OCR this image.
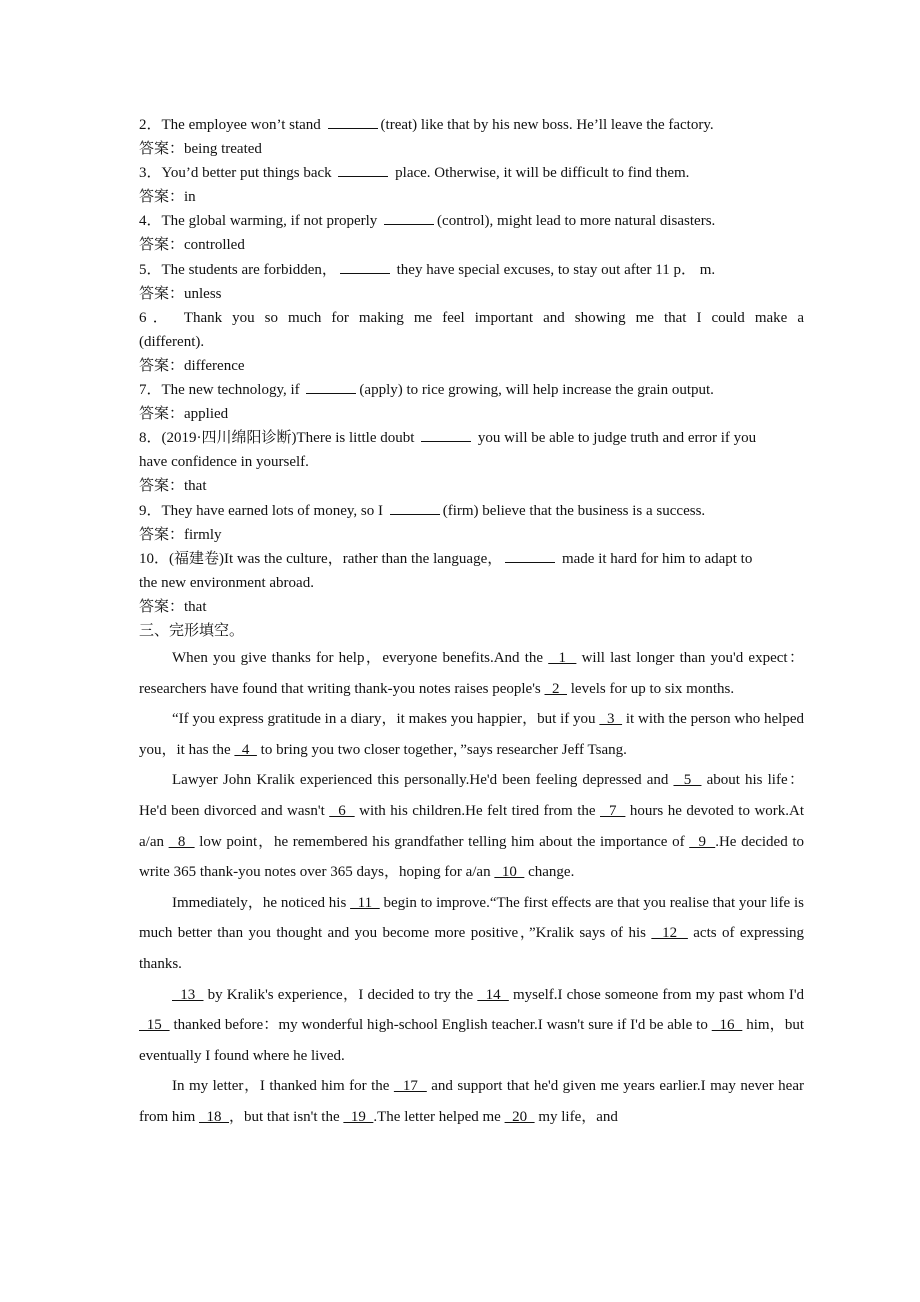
2．The employee won’t stand	(treat) like that by his new boss. He’ll leave the factory.
答案：being treated
3．You’d better put things back	place. Otherwise, it will be difficult to find them.
答案：in
4．The global warming, if not properly	(control), might lead to more natural disasters.
答案：controlled
5．The students are forbidden，	they have special excuses, to stay out after 11 p． m.
答案：unless
6． Thank you so much for making me feel important and showing me that I could make a
(different).
答案：difference
7．The new technology, if	(apply) to rice growing, will help increase the grain output.
答案：applied
8．(2019·四川绵阳诊断)There is little doubt	you will be able to judge truth and error if you
have confidence in yourself.
答案：that
9．They have earned lots of money, so I	(firm) believe that the business is a success.
答案：firmly
10．(福建卷)It was the culture，rather than the language，	made it hard for him to adapt to
the new environment abroad.
答案：that
三、完形填空。
When you give thanks for help，everyone benefits.And the   1   will last longer than you'd expect：researchers have found that writing thank-you notes raises people's   2   levels for up to six months.
“If you express gratitude in a diary，it makes you happier，but if you   3   it with the person who helped you，it has the   4   to bring you two closer together，”says researcher Jeff Tsang.
Lawyer John Kralik experienced this personally.He'd been feeling depressed and   5   about his life：He'd been divorced and wasn't   6   with his children.He felt tired from the   7   hours he devoted to work.At a/an   8   low point，he remembered his grandfather telling him about the importance of   9  .He decided to write 365 thank-you notes over 365 days，hoping for a/an   10   change.
Immediately，he noticed his   11   begin to improve.“The first effects are that you realise that your life is much better than you thought and you become more positive，”Kralik says of his   12   acts of expressing thanks.
13   by Kralik's experience，I decided to try the   14   myself.I chose someone from my past whom I'd   15   thanked before：my wonderful high-school English teacher.I wasn't sure if I'd be able to   16   him，but eventually I found where he lived.
In my letter，I thanked him for the   17   and support that he'd given me years earlier.I may never hear from him   18  ，but that isn't the   19  .The letter helped me   20   my life，and
